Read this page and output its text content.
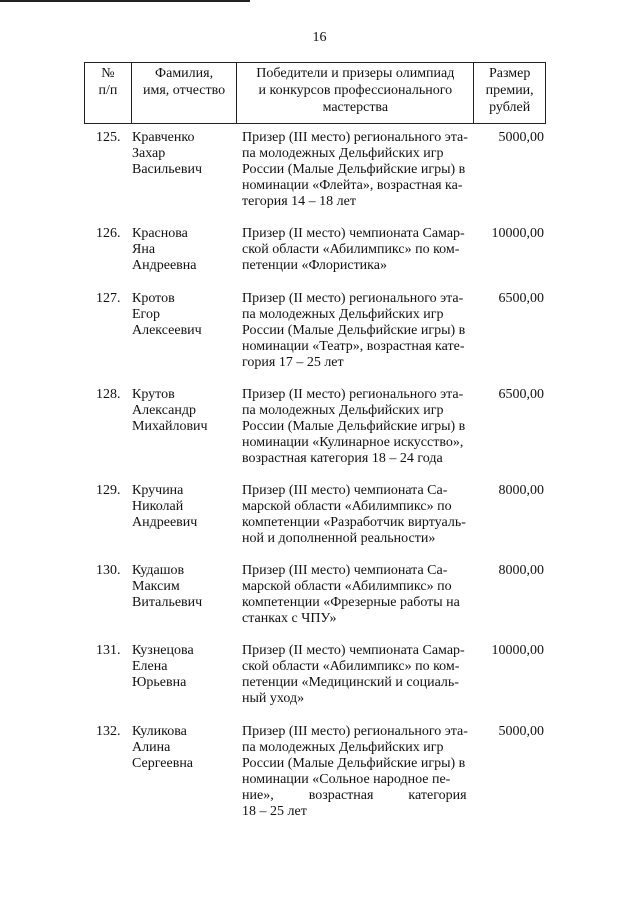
16
№
п/п
Фамилия,
имя, отчество
Победители и призеры олимпиад
и конкурсов профессионального
мастерства
Размер
премии,
рублей
125. Кравченко
Захар
Васильевич
Призер (III место) регионального эта-
па молодежных Дельфийских игр
России (Малые Дельфийские игры) в
номинации «Флейта», возрастная ка-
тегория 14 – 18 лет
5000,00
126. Краснова
Яна
Андреевна
Призер (II место) чемпионата Самар-
ской области «Абилимпикс» по ком-
петенции «Флористика»
10000,00
127. Кротов
Егор
Алексеевич
Призер (II место) регионального эта-
па молодежных Дельфийских игр
России (Малые Дельфийские игры) в
номинации «Театр», возрастная кате-
гория 17 – 25 лет
6500,00
128. Крутов
Александр
Михайлович
Призер (II место) регионального эта-
па молодежных Дельфийских игр
России (Малые Дельфийские игры) в
номинации «Кулинарное искусство»,
возрастная категория 18 – 24 года
6500,00
129. Кручина
Николай
Андреевич
Призер (III место) чемпионата Са-
марской области «Абилимпикс» по
компетенции «Разработчик виртуаль-
ной и дополненной реальности»
8000,00
130. Кудашов
Максим
Витальевич
Призер (III место) чемпионата Са-
марской области «Абилимпикс» по
компетенции «Фрезерные работы на
станках с ЧПУ»
8000,00
131. Кузнецова
Елена
Юрьевна
Призер (II место) чемпионата Самар-
ской области «Абилимпикс» по ком-
петенции «Медицинский и социаль-
ный уход»
10000,00
132. Куликова
Алина
Сергеевна
Призер (III место) регионального эта-
па молодежных Дельфийских игр
России (Малые Дельфийские игры) в
номинации «Сольное народное пе-
ние»,          возрастная          категория
18 – 25 лет
5000,00
